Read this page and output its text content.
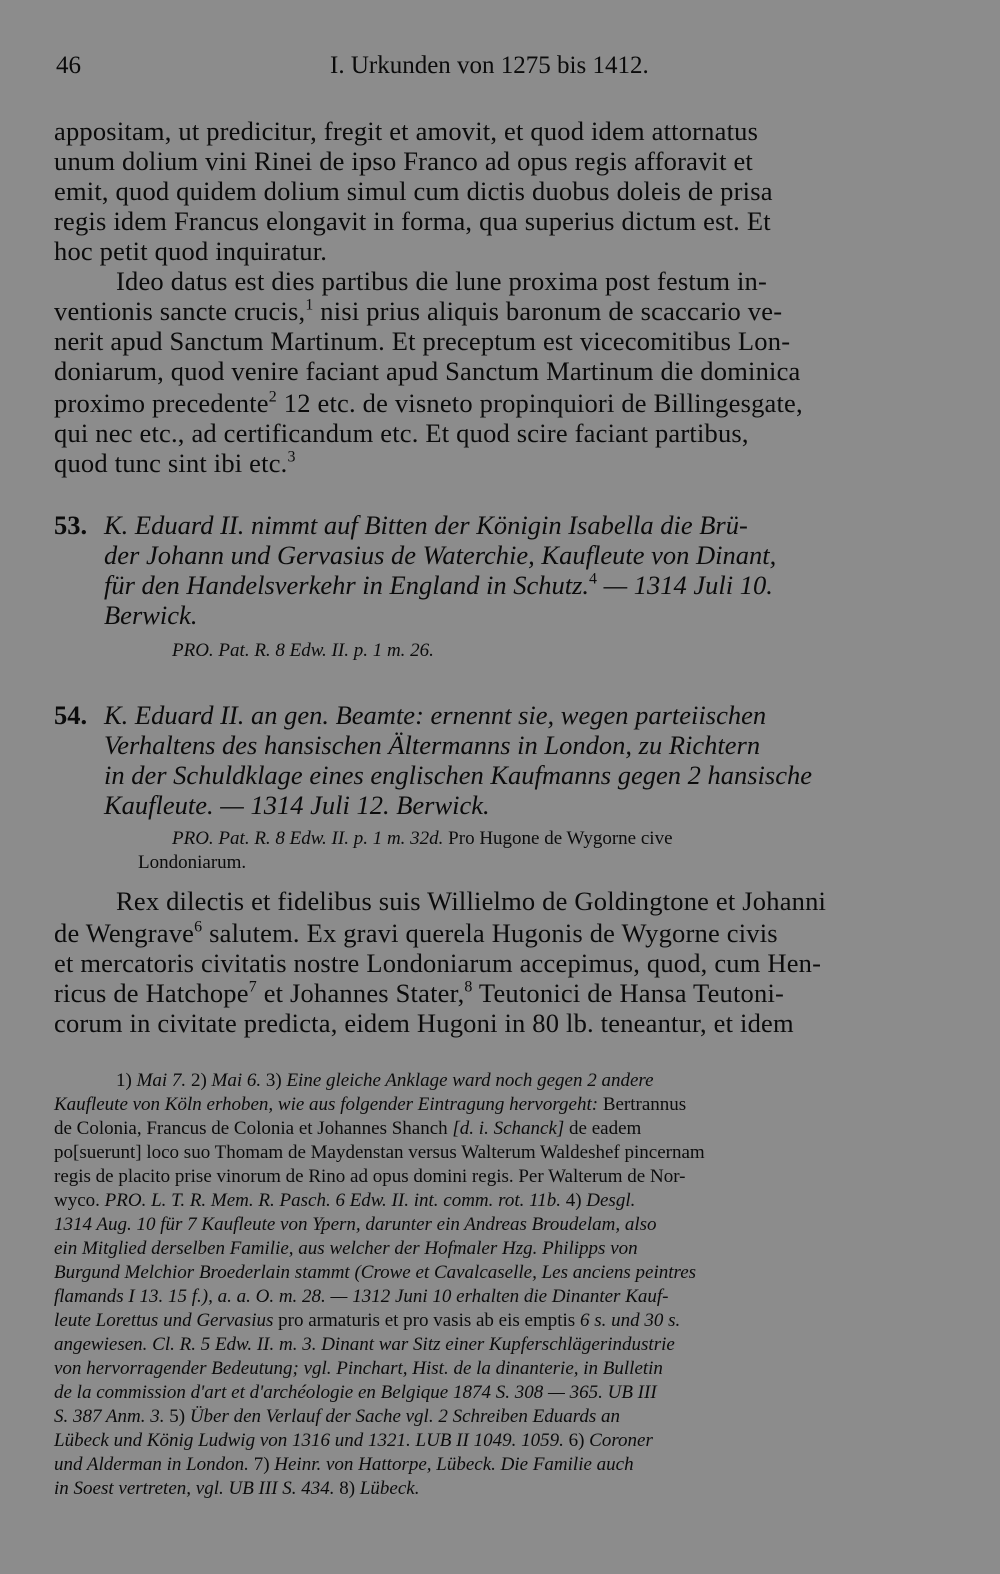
46	I. Urkunden von 1275 bis 1412.
appositam, ut predicitur, fregit et amovit, et quod idem attornatus
unum dolium vini Rinei de ipso Franco ad opus regis afforavit et
emit, quod quidem dolium simul cum dictis duobus doleis de prisa
regis idem Francus elongavit in forma, qua superius dictum est. Et
hoc petit quod inquiratur.
Ideo datus est dies partibus die lune proxima post festum in-
ventionis sancte crucis,$^1$ nisi prius aliquis baronum de scaccario ve-
nerit apud Sanctum Martinum. Et preceptum est vicecomitibus Lon-
doniarum, quod venire faciant apud Sanctum Martinum die dominica
proximo precedente$^2$ 12 etc. de visneto propinquiori de Billingesgate,
qui nec etc., ad certificandum etc. Et quod scire faciant partibus,
quod tunc sint ibi etc.$^3$
53. K. Eduard II. nimmt auf Bitten der Königin Isabella die Brü-
der Johann und Gervasius de Waterchie, Kaufleute von Dinant,
für den Handelsverkehr in England in Schutz.$^4$ — 1314 Juli 10.
Berwick.
PRO. Pat. R. 8 Edw. II. p. 1 m. 26.
54. K. Eduard II. an gen. Beamte: ernennt sie, wegen parteiischen
Verhaltens des hansischen Ältermanns in London, zu Richtern
in der Schuldklage eines englischen Kaufmanns gegen 2 hansische
Kaufleute. — 1314 Juli 12. Berwick.
PRO. Pat. R. 8 Edw. II. p. 1 m. 32d. Pro Hugone de Wygorne cive
Londoniarum.
Rex dilectis et fidelibus suis Willielmo de Goldingtone et Johanni
de Wengrave$^6$ salutem. Ex gravi querela Hugonis de Wygorne civis
et mercatoris civitatis nostre Londoniarum accepimus, quod, cum Hen-
ricus de Hatchope$^7$ et Johannes Stater,$^8$ Teutonici de Hansa Teutoni-
corum in civitate predicta, eidem Hugoni in 80 lb. teneantur, et idem
1) Mai 7. 2) Mai 6. 3) Eine gleiche Anklage ward noch gegen 2 andere
Kaufleute von Köln erhoben, wie aus folgender Eintragung hervorgeht: Bertrannus
de Colonia, Francus de Colonia et Johannes Shanch [d. i. Schanck] de eadem
po[suerunt] loco suo Thomam de Maydenstan versus Walterum Waldeshef pincernam
regis de placito prise vinorum de Rino ad opus domini regis. Per Walterum de Nor-
wyco. PRO. L. T. R. Mem. R. Pasch. 6 Edw. II. int. comm. rot. 11b. 4) Desgl.
1314 Aug. 10 für 7 Kaufleute von Ypern, darunter ein Andreas Broudelam, also
ein Mitglied derselben Familie, aus welcher der Hofmaler Hzg. Philipps von
Burgund Melchior Broederlain stammt (Crowe et Cavalcaselle, Les anciens peintres
flamands I 13. 15 f.), a. a. O. m. 28. — 1312 Juni 10 erhalten die Dinanter Kauf-
leute Lorettus und Gervasius pro armaturis et pro vasis ab eis emptis 6 s. und 30 s.
angewiesen. Cl. R. 5 Edw. II. m. 3. Dinant war Sitz einer Kupferschlägerindustrie
von hervorragender Bedeutung; vgl. Pinchart, Hist. de la dinanterie, in Bulletin
de la commission d'art et d'archéologie en Belgique 1874 S. 308 — 365. UB III
S. 387 Anm. 3. 5) Über den Verlauf der Sache vgl. 2 Schreiben Eduards an
Lübeck und König Ludwig von 1316 und 1321. LUB II 1049. 1059. 6) Coroner
und Alderman in London. 7) Heinr. von Hattorpe, Lübeck. Die Familie auch
in Soest vertreten, vgl. UB III S. 434. 8) Lübeck.
